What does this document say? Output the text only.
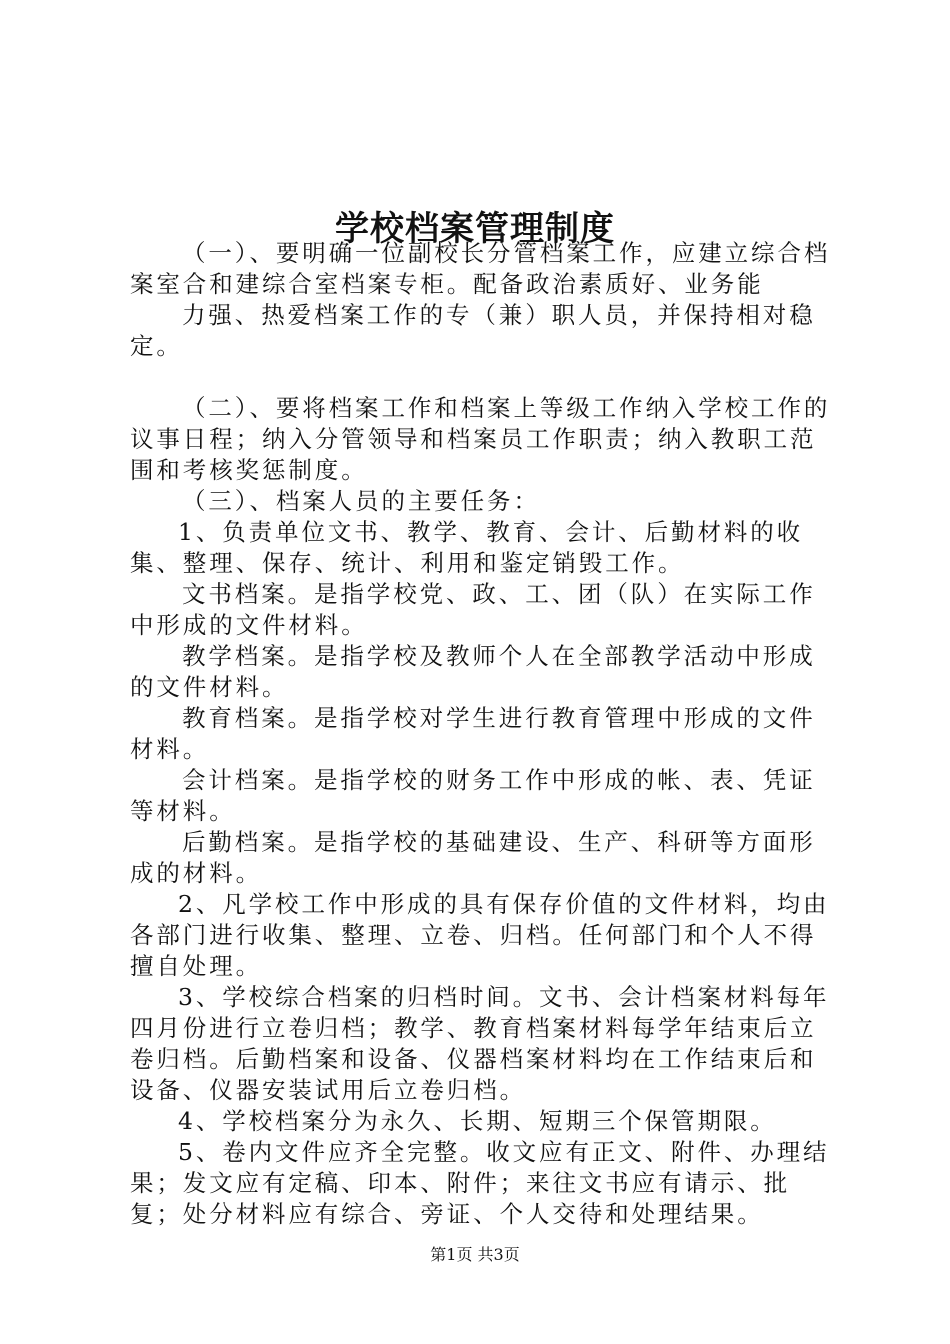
学校档案管理制度

（一）、要明确一位副校长分管档案工作，应建立综合档案室合和建综合室档案专柜。配备政治素质好、业务能

力强、热爱档案工作的专（兼）职人员，并保持相对稳定。

（二）、要将档案工作和档案上等级工作纳入学校工作的议事日程；纳入分管领导和档案员工作职责；纳入教职工范围和考核奖惩制度。

（三）、档案人员的主要任务：

1、负责单位文书、教学、教育、会计、后勤材料的收集、整理、保存、统计、利用和鉴定销毁工作。

文书档案。是指学校党、政、工、团（队）在实际工作中形成的文件材料。

教学档案。是指学校及教师个人在全部教学活动中形成的文件材料。

教育档案。是指学校对学生进行教育管理中形成的文件材料。

会计档案。是指学校的财务工作中形成的帐、表、凭证等材料。

后勤档案。是指学校的基础建设、生产、科研等方面形成的材料。

2、凡学校工作中形成的具有保存价值的文件材料，均由各部门进行收集、整理、立卷、归档。任何部门和个人不得擅自处理。

3、学校综合档案的归档时间。文书、会计档案材料每年四月份进行立卷归档；教学、教育档案材料每学年结束后立卷归档。后勤档案和设备、仪器档案材料均在工作结束后和设备、仪器安装试用后立卷归档。

4、学校档案分为永久、长期、短期三个保管期限。

5、卷内文件应齐全完整。收文应有正文、附件、办理结果；发文应有定稿、印本、附件；来往文书应有请示、批复；处分材料应有综合、旁证、个人交待和处理结果。

第1页 共3页
